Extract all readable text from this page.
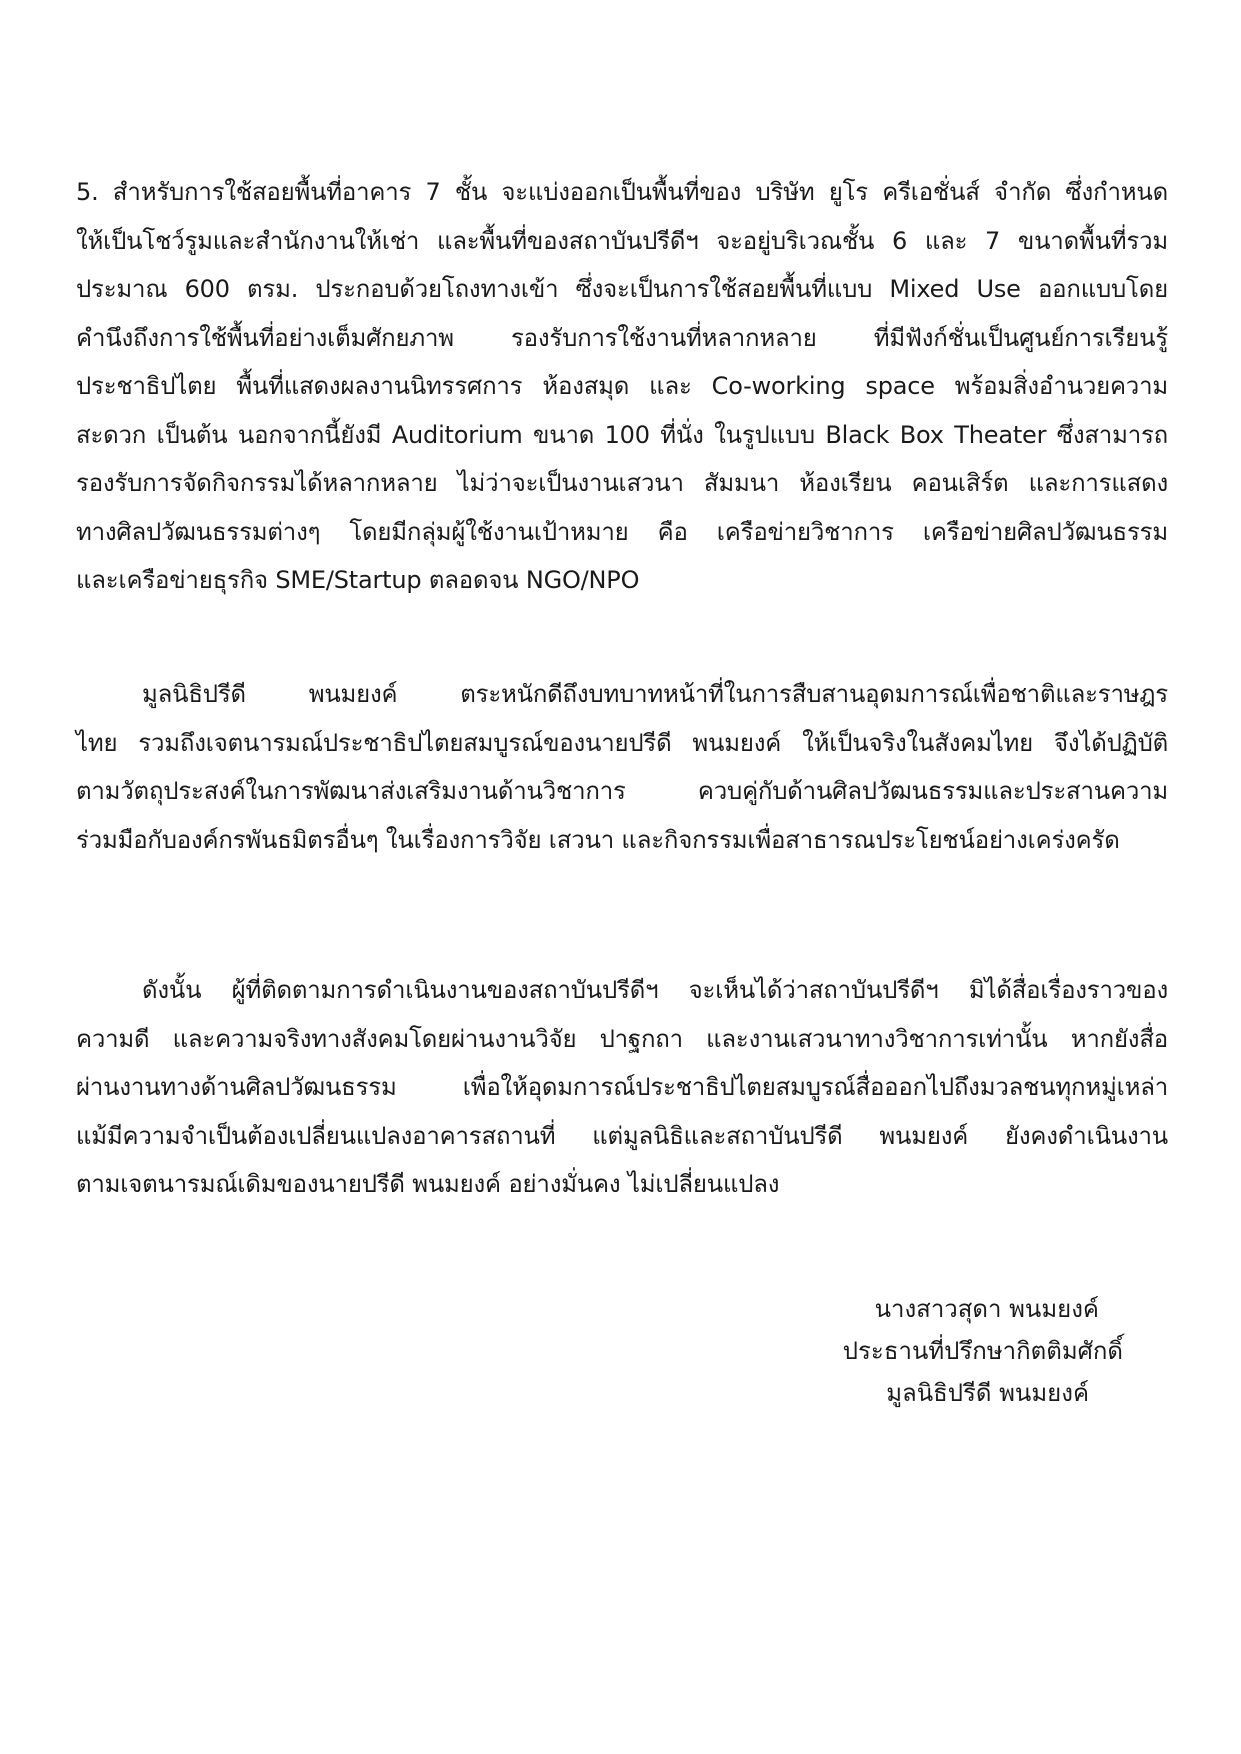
5. สำหรับการใช้สอยพื้นที่อาคาร 7 ชั้น จะแบ่งออกเป็นพื้นที่ของ บริษัท ยูโร ครีเอชั่นส์ จำกัด ซึ่งกำหนด
ให้เป็นโชว์รูมและสำนักงานให้เช่า และพื้นที่ของสถาบันปรีดีฯ จะอยู่บริเวณชั้น 6 และ 7 ขนาดพื้นที่รวม
ประมาณ 600 ตรม. ประกอบด้วยโถงทางเข้า ซึ่งจะเป็นการใช้สอยพื้นที่แบบ Mixed Use ออกแบบโดย
คำนึงถึงการใช้พื้นที่อย่างเต็มศักยภาพ รองรับการใช้งานที่หลากหลาย ที่มีฟังก์ชั่นเป็นศูนย์การเรียนรู้
ประชาธิปไตย พื้นที่แสดงผลงานนิทรรศการ ห้องสมุด และ Co-working space พร้อมสิ่งอำนวยความ
สะดวก เป็นต้น นอกจากนี้ยังมี Auditorium ขนาด 100 ที่นั่ง ในรูปแบบ Black Box Theater ซึ่งสามารถ
รองรับการจัดกิจกรรมได้หลากหลาย ไม่ว่าจะเป็นงานเสวนา สัมมนา ห้องเรียน คอนเสิร์ต และการแสดง
ทางศิลปวัฒนธรรมต่างๆ โดยมีกลุ่มผู้ใช้งานเป้าหมาย คือ เครือข่ายวิชาการ เครือข่ายศิลปวัฒนธรรม
และเครือข่ายธุรกิจ SME/Startup ตลอดจน NGO/NPO
มูลนิธิปรีดี พนมยงค์ ตระหนักดีถึงบทบาทหน้าที่ในการสืบสานอุดมการณ์เพื่อชาติและราษฎร
ไทย รวมถึงเจตนารมณ์ประชาธิปไตยสมบูรณ์ของนายปรีดี พนมยงค์ ให้เป็นจริงในสังคมไทย จึงได้ปฏิบัติ
ตามวัตถุประสงค์ในการพัฒนาส่งเสริมงานด้านวิชาการ ควบคู่กับด้านศิลปวัฒนธรรมและประสานความ
ร่วมมือกับองค์กรพันธมิตรอื่นๆ ในเรื่องการวิจัย เสวนา และกิจกรรมเพื่อสาธารณประโยชน์อย่างเคร่งครัด
ดังนั้น ผู้ที่ติดตามการดำเนินงานของสถาบันปรีดีฯ จะเห็นได้ว่าสถาบันปรีดีฯ มิได้สื่อเรื่องราวของ
ความดี และความจริงทางสังคมโดยผ่านงานวิจัย ปาฐกถา และงานเสวนาทางวิชาการเท่านั้น หากยังสื่อ
ผ่านงานทางด้านศิลปวัฒนธรรม เพื่อให้อุดมการณ์ประชาธิปไตยสมบูรณ์สื่อออกไปถึงมวลชนทุกหมู่เหล่า
แม้มีความจำเป็นต้องเปลี่ยนแปลงอาคารสถานที่ แต่มูลนิธิและสถาบันปรีดี พนมยงค์ ยังคงดำเนินงาน
ตามเจตนารมณ์เดิมของนายปรีดี พนมยงค์ อย่างมั่นคง ไม่เปลี่ยนแปลง
นางสาวสุดา พนมยงค์
ประธานที่ปรึกษากิตติมศักดิ์
มูลนิธิปรีดี พนมยงค์
